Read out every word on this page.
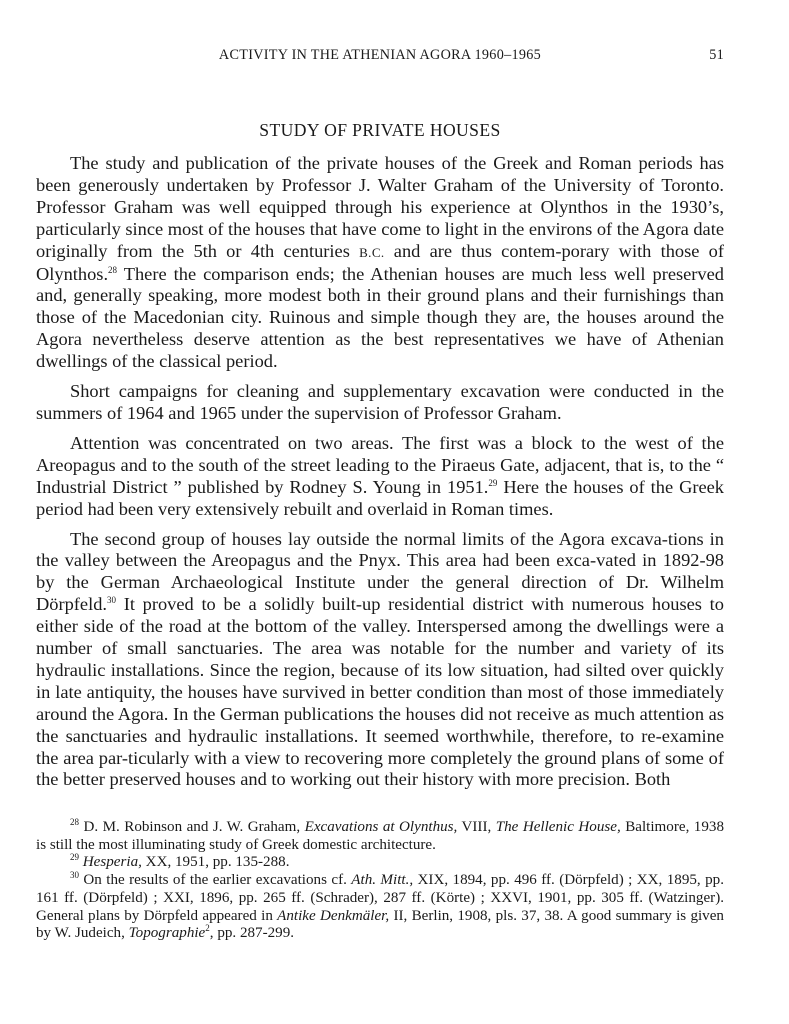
ACTIVITY IN THE ATHENIAN AGORA 1960–1965	51
STUDY OF PRIVATE HOUSES

The study and publication of the private houses of the Greek and Roman periods has been generously undertaken by Professor J. Walter Graham of the University of Toronto. Professor Graham was well equipped through his experience at Olynthos in the 1930’s, particularly since most of the houses that have come to light in the environs of the Agora date originally from the 5th or 4th centuries B.C. and are thus contem-porary with those of Olynthos.$^{28}$ There the comparison ends; the Athenian houses are much less well preserved and, generally speaking, more modest both in their ground plans and their furnishings than those of the Macedonian city. Ruinous and simple though they are, the houses around the Agora nevertheless deserve attention as the best representatives we have of Athenian dwellings of the classical period.

Short campaigns for cleaning and supplementary excavation were conducted in the summers of 1964 and 1965 under the supervision of Professor Graham.

Attention was concentrated on two areas. The first was a block to the west of the Areopagus and to the south of the street leading to the Piraeus Gate, adjacent, that is, to the “ Industrial District ” published by Rodney S. Young in 1951.29 Here the houses of the Greek period had been very extensively rebuilt and overlaid in Roman times.

The second group of houses lay outside the normal limits of the Agora excava-tions in the valley between the Areopagus and the Pnyx. This area had been exca-vated in 1892-98 by the German Archaeological Institute under the general direction of Dr. Wilhelm Dörpfeld.$^{30}$ It proved to be a solidly built-up residential district with numerous houses to either side of the road at the bottom of the valley. Interspersed among the dwellings were a number of small sanctuaries. The area was notable for the number and variety of its hydraulic installations. Since the region, because of its low situation, had silted over quickly in late antiquity, the houses have survived in better condition than most of those immediately around the Agora. In the German publications the houses did not receive as much attention as the sanctuaries and hydraulic installations. It seemed worthwhile, therefore, to re-examine the area par-ticularly with a view to recovering more completely the ground plans of some of the better preserved houses and to working out their history with more precision. Both

$^{28}$ D. M. Robinson and J. W. Graham, Excavations at Olynthus, VIII, The Hellenic House, Baltimore, 1938 is still the most illuminating study of Greek domestic architecture.

$^{29}$ Hesperia, XX, 1951, pp. 135-288.

$^{30}$ On the results of the earlier excavations cf. Ath. Mitt., XIX, 1894, pp. 496 ff. (Dörpfeld) ; XX, 1895, pp. 161 ff. (Dörpfeld) ; XXI, 1896, pp. 265 ff. (Schrader), 287 ff. (Körte) ; XXVI, 1901, pp. 305 ff. (Watzinger). General plans by Dörpfeld appeared in Antike Denkmäler, II, Berlin, 1908, pls. 37, 38. A good summary is given by W. Judeich, Topographie$^2$, pp. 287-299.
